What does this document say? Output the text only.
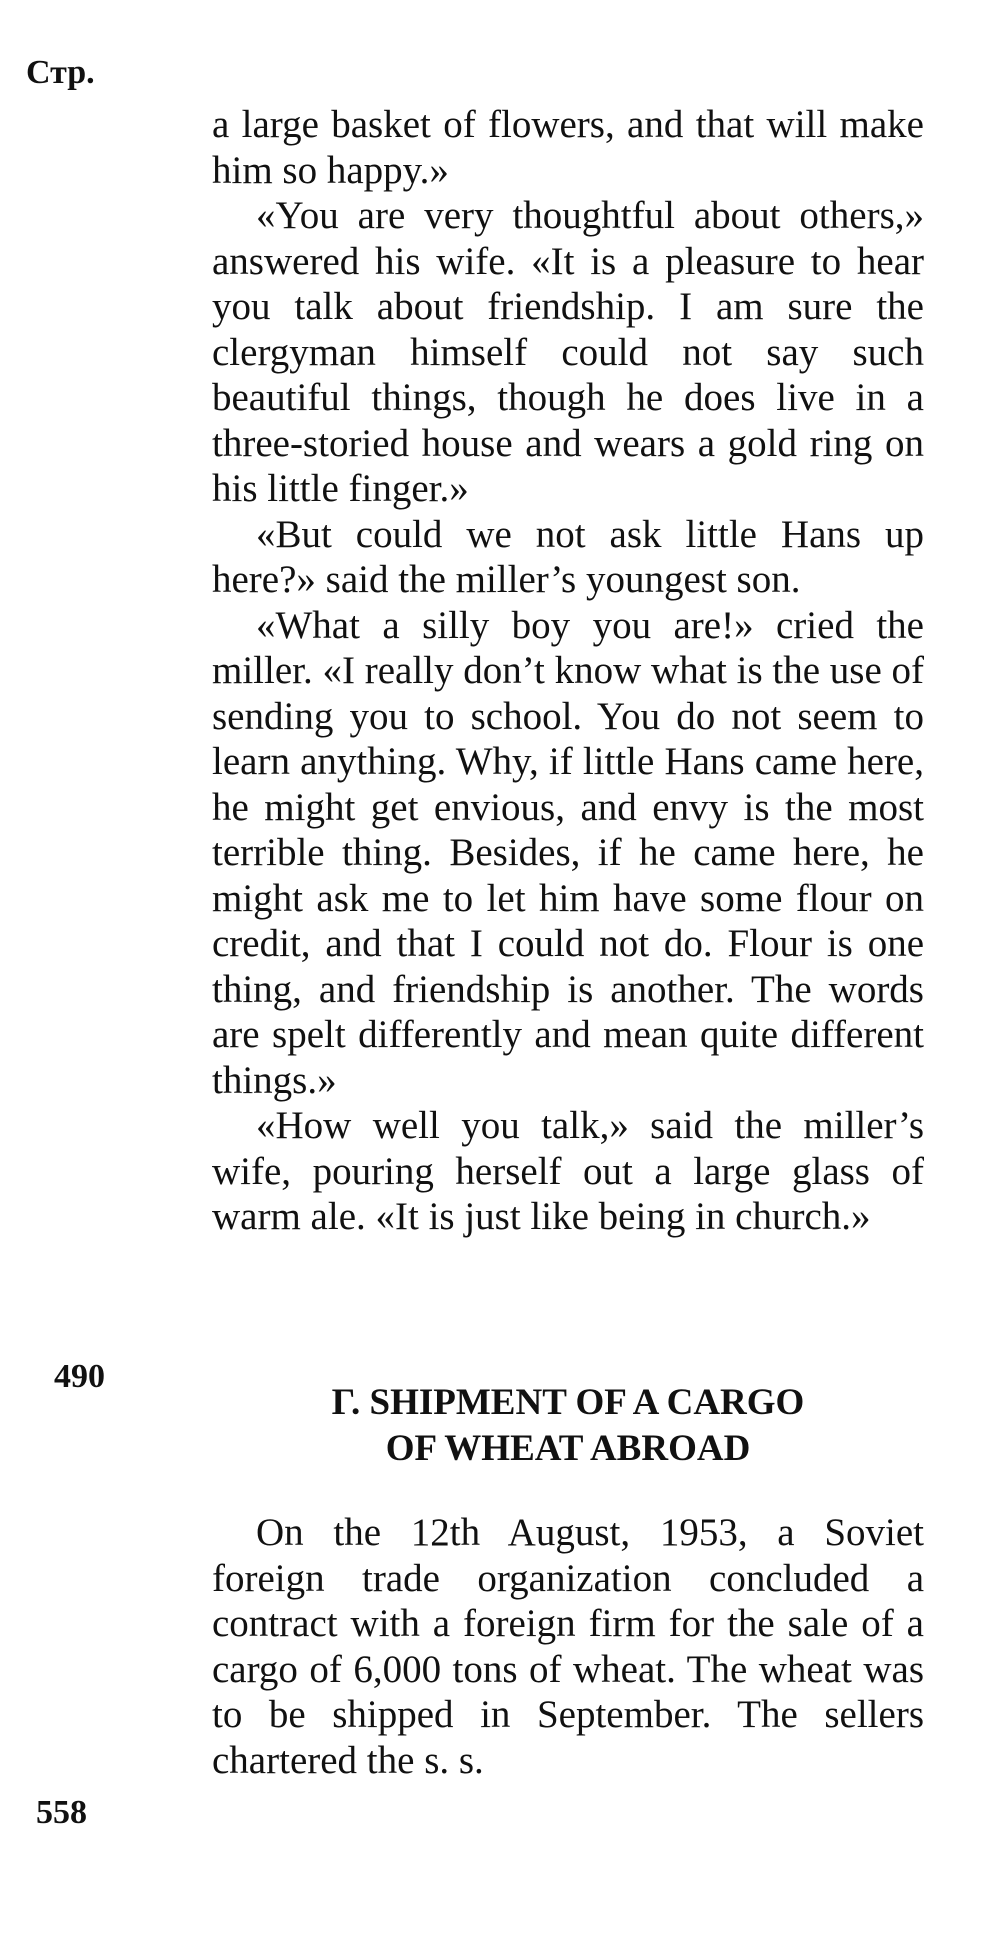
Стр.

a large basket of flowers, and that will make him so happy.»

«You are very thoughtful about others,» answered his wife. «It is a pleasure to hear you talk about friendship. I am sure the clergyman himself could not say such beautiful things, though he does live in a three-storied house and wears a gold ring on his little finger.»

«But could we not ask little Hans up here?» said the miller’s youngest son.

«What a silly boy you are!» cried the miller. «I really don’t know what is the use of sending you to school. You do not seem to learn anything. Why, if little Hans came here, he might get envious, and envy is the most terrible thing. Besides, if he came here, he might ask me to let him have some flour on credit, and that I could not do. Flour is one thing, and friendship is another. The words are spelt differently and mean quite different things.»

«How well you talk,» said the miller’s wife, pouring herself out a large glass of warm ale. «It is just like being in church.»

490
Г. SHIPMENT OF A CARGO
OF WHEAT ABROAD

On the 12th August, 1953, a Soviet foreign trade organization concluded a contract with a foreign firm for the sale of a cargo of 6,000 tons of wheat. The wheat was to be shipped in September. The sellers chartered the s. s.

558
